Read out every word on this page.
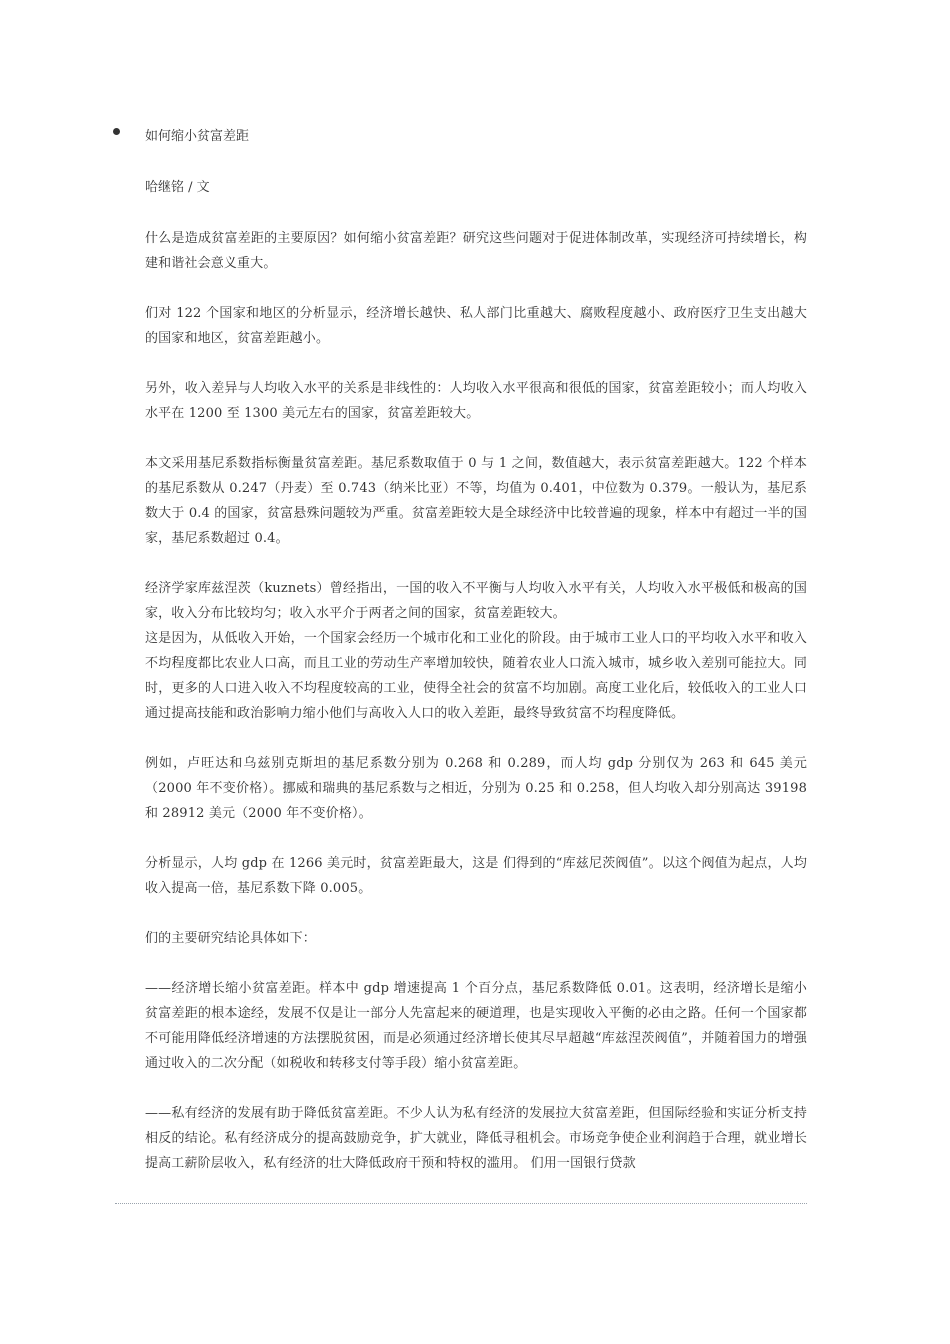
如何缩小贫富差距
哈继铭 / 文

什么是造成贫富差距的主要原因？如何缩小贫富差距？研究这些问题对于促进体制改革，实现经济可持续增长，构建和谐社会意义重大。

们对 122 个国家和地区的分析显示，经济增长越快、私人部门比重越大、腐败程度越小、政府医疗卫生支出越大的国家和地区，贫富差距越小。

另外，收入差异与人均收入水平的关系是非线性的：人均收入水平很高和很低的国家，贫富差距较小；而人均收入水平在 1200 至 1300 美元左右的国家，贫富差距较大。

本文采用基尼系数指标衡量贫富差距。基尼系数取值于 0 与 1 之间，数值越大，表示贫富差距越大。122 个样本的基尼系数从 0.247（丹麦）至 0.743（纳米比亚）不等，均值为 0.401，中位数为 0.379。一般认为，基尼系数大于 0.4 的国家，贫富悬殊问题较为严重。贫富差距较大是全球经济中比较普遍的现象，样本中有超过一半的国家，基尼系数超过 0.4。

经济学家库兹涅茨（kuznets）曾经指出，一国的收入不平衡与人均收入水平有关，人均收入水平极低和极高的国家，收入分布比较均匀；收入水平介于两者之间的国家，贫富差距较大。

这是因为，从低收入开始，一个国家会经历一个城市化和工业化的阶段。由于城市工业人口的平均收入水平和收入不均程度都比农业人口高，而且工业的劳动生产率增加较快，随着农业人口流入城市，城乡收入差别可能拉大。同时，更多的人口进入收入不均程度较高的工业，使得全社会的贫富不均加剧。高度工业化后，较低收入的工业人口通过提高技能和政治影响力缩小他们与高收入人口的收入差距，最终导致贫富不均程度降低。

例如，卢旺达和乌兹别克斯坦的基尼系数分别为 0.268 和 0.289，而人均 gdp 分别仅为 263 和 645 美元（2000 年不变价格）。挪威和瑞典的基尼系数与之相近，分别为 0.25 和 0.258，但人均收入却分别高达 39198 和 28912 美元（2000 年不变价格）。

分析显示，人均 gdp 在 1266 美元时，贫富差距最大，这是 们得到的“库兹尼茨阀值”。以这个阀值为起点，人均收入提高一倍，基尼系数下降 0.005。

们的主要研究结论具体如下：

——经济增长缩小贫富差距。样本中 gdp 增速提高 1 个百分点，基尼系数降低 0.01。这表明，经济增长是缩小贫富差距的根本途经，发展不仅是让一部分人先富起来的硬道理，也是实现收入平衡的必由之路。任何一个国家都不可能用降低经济增速的方法摆脱贫困，而是必须通过经济增长使其尽早超越“库兹涅茨阀值”，并随着国力的增强通过收入的二次分配（如税收和转移支付等手段）缩小贫富差距。

——私有经济的发展有助于降低贫富差距。不少人认为私有经济的发展拉大贫富差距，但国际经验和实证分析支持相反的结论。私有经济成分的提高鼓励竞争，扩大就业，降低寻租机会。市场竞争使企业利润趋于合理，就业增长提高工薪阶层收入，私有经济的壮大降低政府干预和特权的滥用。 们用一国银行贷款
